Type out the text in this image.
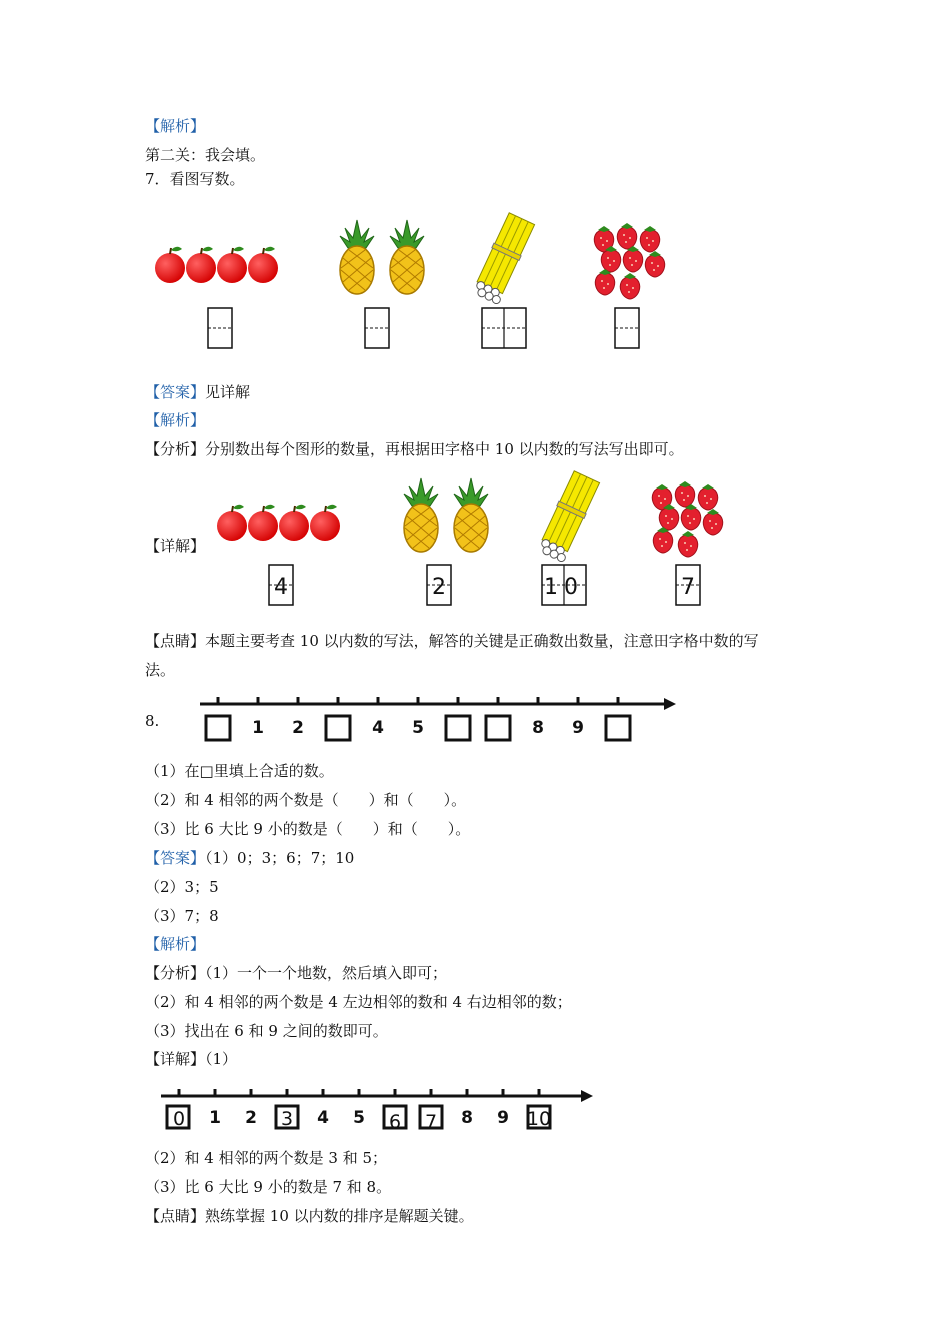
【解析】
第二关：我会填。
7．看图写数。
【答案】见详解
【解析】
【分析】分别数出每个图形的数量，再根据田字格中 10 以内数的写法写出即可。
【详解】
4	2	10	7
【点睛】本题主要考查 10 以内数的写法，解答的关键是正确数出数量，注意田字格中数的写
法。
8.	1 2	4 5	8 9
（1）在□里填上合适的数。
（2）和 4 相邻的两个数是（　　）和（　　）。
（3）比 6 大比 9 小的数是（　　）和（　　）。
【答案】（1）0；3；6；7；10
（2）3；5
（3）7；8
【解析】
【分析】（1）一个一个地数，然后填入即可；
（2）和 4 相邻的两个数是 4 左边相邻的数和 4 右边相邻的数；
（3）找出在 6 和 9 之间的数即可。
【详解】（1）
0 1 2 3 4 5 6 7 8 9 10
（2）和 4 相邻的两个数是 3 和 5；
（3）比 6 大比 9 小的数是 7 和 8。
【点睛】熟练掌握 10 以内数的排序是解题关键。
